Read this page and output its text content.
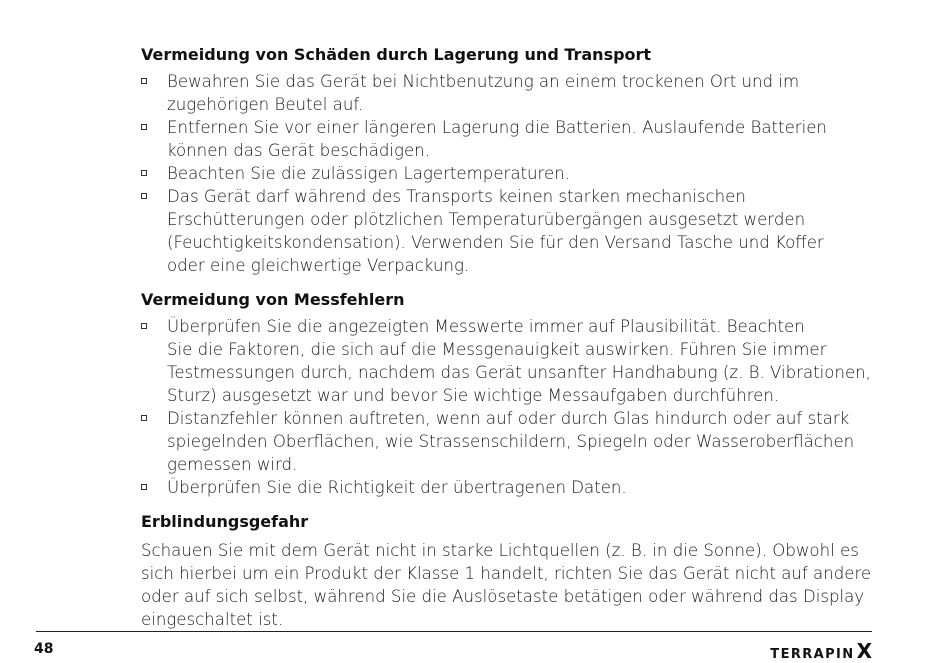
Vermeidung von Schäden durch Lagerung und Transport
Bewahren Sie das Gerät bei Nichtbenutzung an einem trockenen Ort und im
zugehörigen Beutel auf.
Entfernen Sie vor einer längeren Lagerung die Batterien. Auslaufende Batterien
können das Gerät beschädigen.
Beachten Sie die zulässigen Lagertemperaturen.
Das Gerät darf während des Transports keinen starken mechanischen
Erschütterungen oder plötzlichen Temperaturübergängen ausgesetzt werden
(Feuchtigkeitskondensation). Verwenden Sie für den Versand Tasche und Koffer
oder eine gleichwertige Verpackung.
Vermeidung von Messfehlern
Überprüfen Sie die angezeigten Messwerte immer auf Plausibilität. Beachten
Sie die Faktoren, die sich auf die Messgenauigkeit auswirken. Führen Sie immer
Testmessungen durch, nachdem das Gerät unsanfter Handhabung (z. B. Vibrationen,
Sturz) ausgesetzt war und bevor Sie wichtige Messaufgaben durchführen.
Distanzfehler können auftreten, wenn auf oder durch Glas hindurch oder auf stark
spiegelnden Oberflächen, wie Strassenschildern, Spiegeln oder Wasseroberflächen
gemessen wird.
Überprüfen Sie die Richtigkeit der übertragenen Daten.
Erblindungsgefahr

Schauen Sie mit dem Gerät nicht in starke Lichtquellen (z. B. in die Sonne). Obwohl es
sich hierbei um ein Produkt der Klasse 1 handelt, richten Sie das Gerät nicht auf andere
oder auf sich selbst, während Sie die Auslösetaste betätigen oder während das Display
eingeschaltet ist.

48	TERRAPIN X
